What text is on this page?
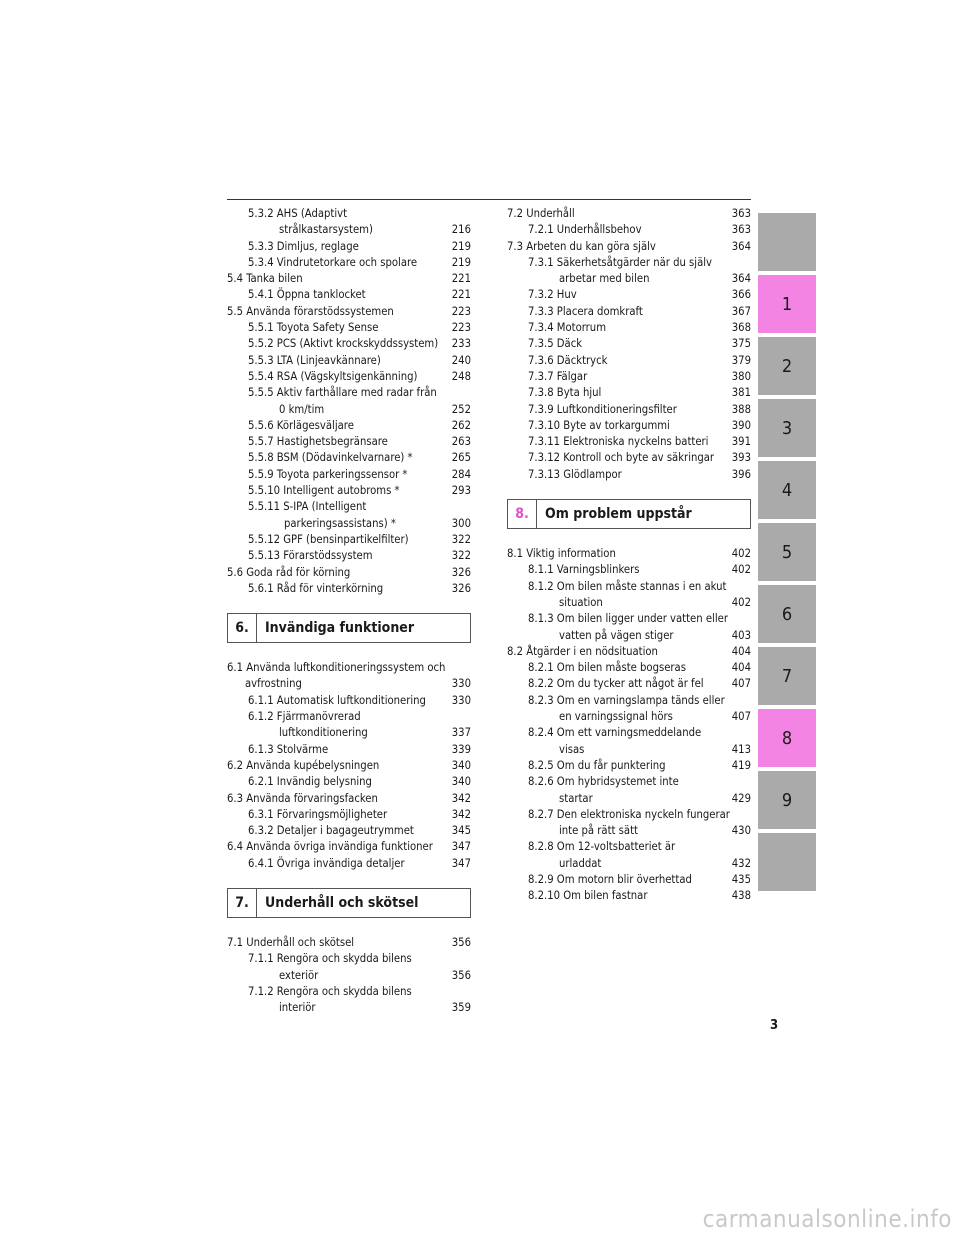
5.3.2 AHS (Adaptivt
strålkastarsystem)	216
5.3.3 Dimljus, reglage	219
5.3.4 Vindrutetorkare och spolare	219
5.4 Tanka bilen	221
5.4.1 Öppna tanklocket	221
5.5 Använda förarstödssystemen	223
5.5.1 Toyota Safety Sense	223
5.5.2 PCS (Aktivt krockskyddssystem)	233
5.5.3 LTA (Linjeavkännare)	240
5.5.4 RSA (Vägskyltsigenkänning)	248
5.5.5 Aktiv farthållare med radar från
0 km/tim	252
5.5.6 Körlägesväljare	262
5.5.7 Hastighetsbegränsare	263
5.5.8 BSM (Dödavinkelvarnare) *	265
5.5.9 Toyota parkeringssensor *	284
5.5.10 Intelligent autobroms *	293
5.5.11 S-IPA (Intelligent
parkeringsassistans) *	300
5.5.12 GPF (bensinpartikelfilter)	322
5.5.13 Förarstödssystem	322
5.6 Goda råd för körning	326
5.6.1 Råd för vinterkörning	326
6.	Invändiga funktioner
6.1 Använda luftkonditioneringssystem och
avfrostning	330
6.1.1 Automatisk luftkonditionering	330
6.1.2 Fjärrmanövrerad
luftkonditionering	337
6.1.3 Stolvärme	339
6.2 Använda kupébelysningen	340
6.2.1 Invändig belysning	340
6.3 Använda förvaringsfacken	342
6.3.1 Förvaringsmöjligheter	342
6.3.2 Detaljer i bagageutrymmet	345
6.4 Använda övriga invändiga funktioner	347
6.4.1 Övriga invändiga detaljer	347
7.	Underhåll och skötsel
7.1 Underhåll och skötsel	356
7.1.1 Rengöra och skydda bilens
exteriör	356
7.1.2 Rengöra och skydda bilens
interiör	359
7.2 Underhåll	363
7.2.1 Underhållsbehov	363
7.3 Arbeten du kan göra själv	364
7.3.1 Säkerhetsåtgärder när du själv
arbetar med bilen	364
7.3.2 Huv	366
7.3.3 Placera domkraft	367
7.3.4 Motorrum	368
7.3.5 Däck	375
7.3.6 Däcktryck	379
7.3.7 Fälgar	380
7.3.8 Byta hjul	381
7.3.9 Luftkonditioneringsfilter	388
7.3.10 Byte av torkargummi	390
7.3.11 Elektroniska nyckelns batteri	391
7.3.12 Kontroll och byte av säkringar	393
7.3.13 Glödlampor	396
8.	Om problem uppstår
8.1 Viktig information	402
8.1.1 Varningsblinkers	402
8.1.2 Om bilen måste stannas i en akut
situation	402
8.1.3 Om bilen ligger under vatten eller
vatten på vägen stiger	403
8.2 Åtgärder i en nödsituation	404
8.2.1 Om bilen måste bogseras	404
8.2.2 Om du tycker att något är fel	407
8.2.3 Om en varningslampa tänds eller
en varningssignal hörs	407
8.2.4 Om ett varningsmeddelande
visas	413
8.2.5 Om du får punktering	419
8.2.6 Om hybridsystemet inte
startar	429
8.2.7 Den elektroniska nyckeln fungerar
inte på rätt sätt	430
8.2.8 Om 12-voltsbatteriet är
urladdat	432
8.2.9 Om motorn blir överhettad	435
8.2.10 Om bilen fastnar	438
1
2
3
4
5
6
7
8
9
3
carmanualsonline.info
